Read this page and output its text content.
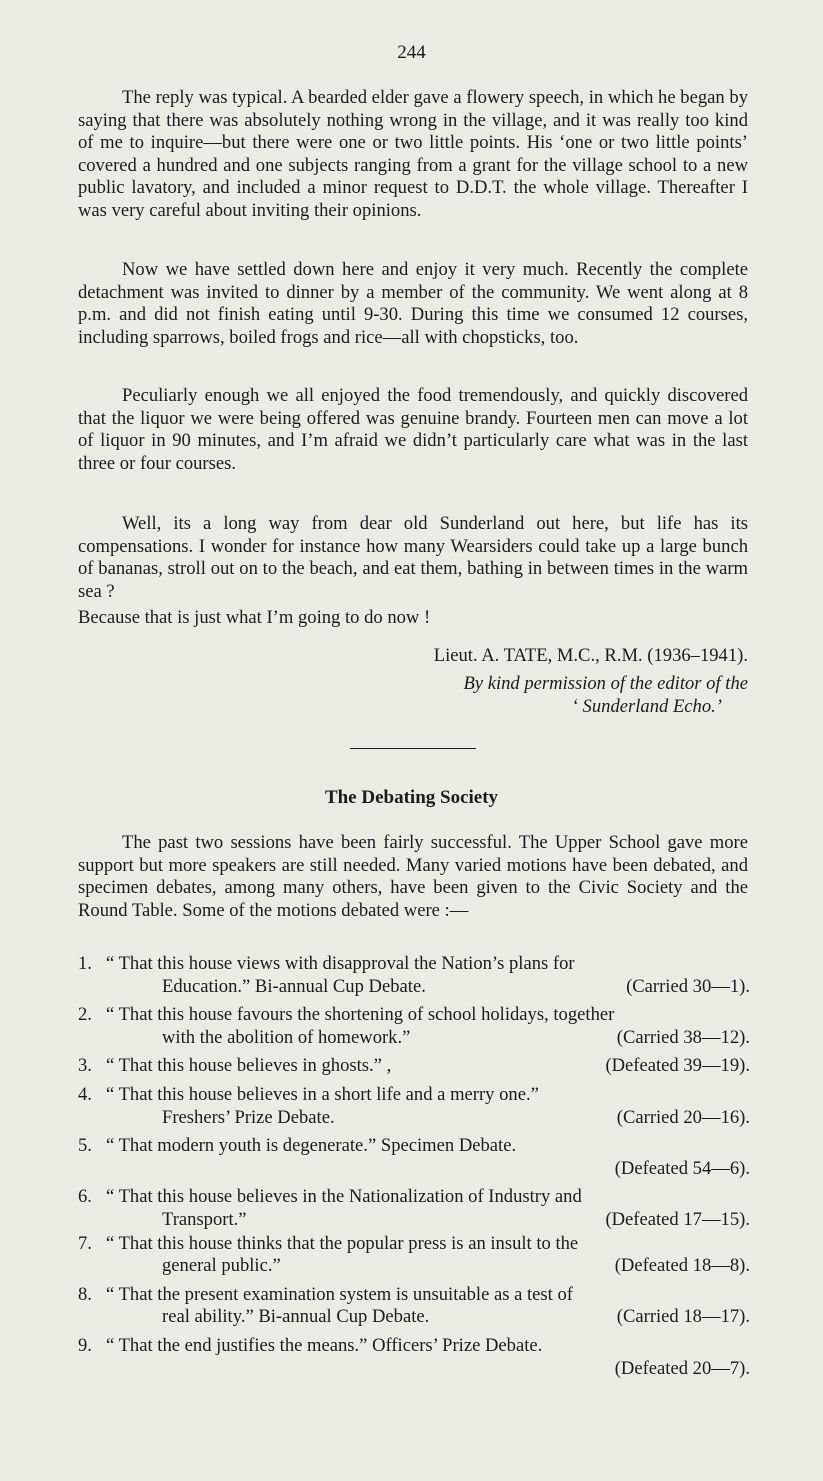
244

The reply was typical. A bearded elder gave a flowery speech, in which he began by saying that there was absolutely nothing wrong in the village, and it was really too kind of me to inquire—but there were one or two little points. His ‘one or two little points’ covered a hundred and one subjects ranging from a grant for the village school to a new public lavatory, and included a minor request to D.D.T. the whole village. Thereafter I was very careful about inviting their opinions.

Now we have settled down here and enjoy it very much. Recently the complete detachment was invited to dinner by a member of the community. We went along at 8 p.m. and did not finish eating until 9-30. During this time we consumed 12 courses, including sparrows, boiled frogs and rice—all with chopsticks, too.

Peculiarly enough we all enjoyed the food tremendously, and quickly discovered that the liquor we were being offered was genuine brandy. Fourteen men can move a lot of liquor in 90 minutes, and I’m afraid we didn’t particularly care what was in the last three or four courses.

Well, its a long way from dear old Sunderland out here, but life has its compensations. I wonder for instance how many Wearsiders could take up a large bunch of bananas, stroll out on to the beach, and eat them, bathing in between times in the warm sea ?

Because that is just what I’m going to do now !

Lieut. A. TATE, M.C., R.M. (1936–1941).
By kind permission of the editor of the
‘ Sunderland Echo.’
The Debating Society

The past two sessions have been fairly successful. The Upper School gave more support but more speakers are still needed. Many varied motions have been debated, and specimen debates, among many others, have been given to the Civic Society and the Round Table. Some of the motions debated were :—

1. “ That this house views with disapproval the Nation’s plans for
Education.” Bi-annual Cup Debate.	(Carried 30—1).
2. “ That this house favours the shortening of school holidays, together
with the abolition of homework.”	(Carried 38—12).
3. “ That this house believes in ghosts.” ,	(Defeated 39—19).
4. “ That this house believes in a short life and a merry one.”
Freshers’ Prize Debate.	(Carried 20—16).
5. “ That modern youth is degenerate.” Specimen Debate.
(Defeated 54—6).
6. “ That this house believes in the Nationalization of Industry and
Transport.”	(Defeated 17—15).
7. “ That this house thinks that the popular press is an insult to the
general public.”	(Defeated 18—8).
8. “ That the present examination system is unsuitable as a test of
real ability.” Bi-annual Cup Debate.	(Carried 18—17).
9. “ That the end justifies the means.” Officers’ Prize Debate.
(Defeated 20—7).
